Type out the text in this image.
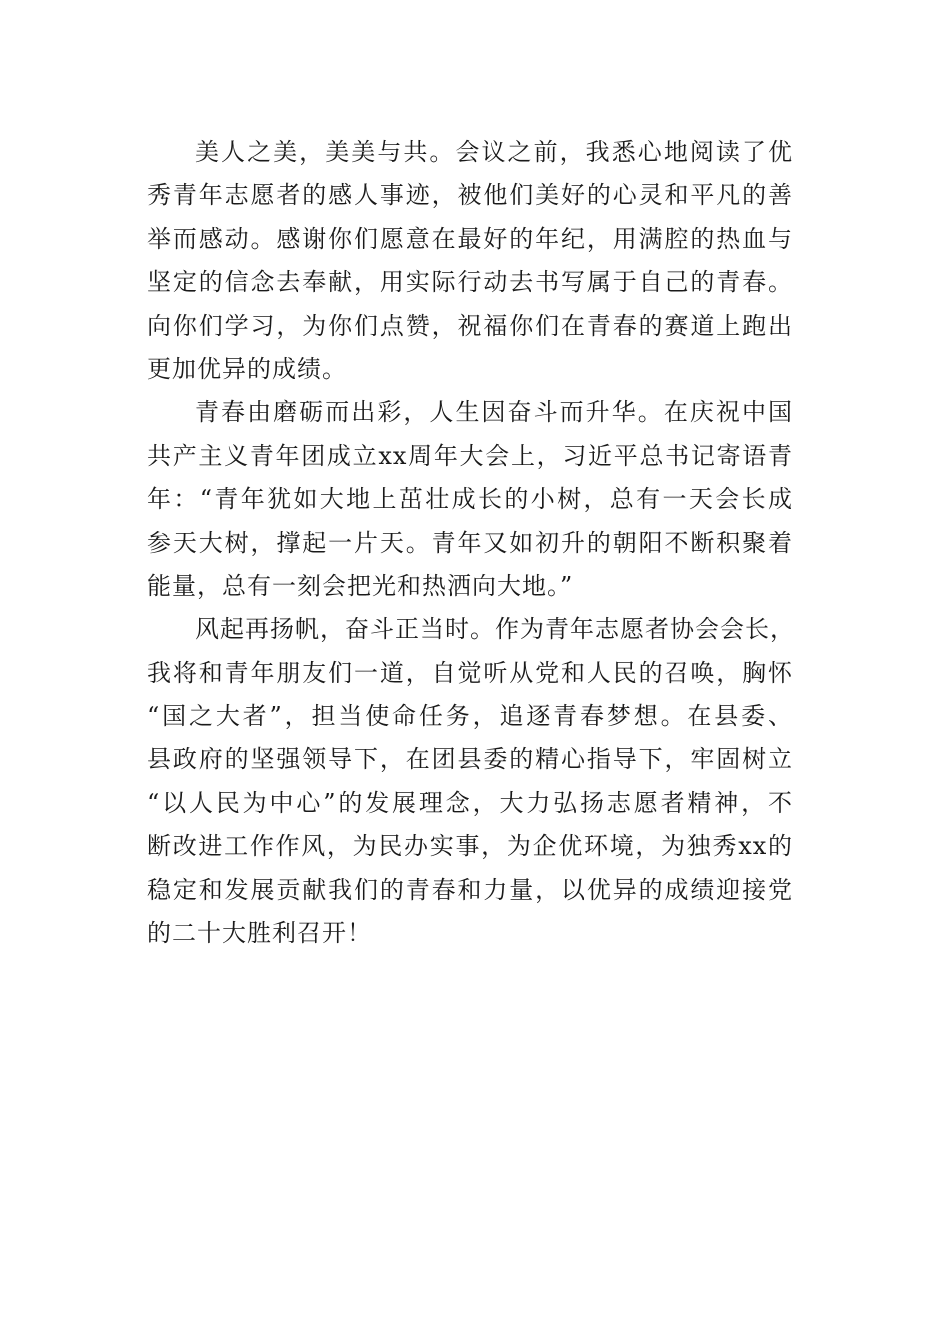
美人之美，美美与共。会议之前，我悉心地阅读了优
秀青年志愿者的感人事迹，被他们美好的心灵和平凡的善
举而感动。感谢你们愿意在最好的年纪，用满腔的热血与
坚定的信念去奉献，用实际行动去书写属于自己的青春。
向你们学习，为你们点赞，祝福你们在青春的赛道上跑出
更加优异的成绩。
青春由磨砺而出彩，人生因奋斗而升华。在庆祝中国
共产主义青年团成立xx周年大会上，习近平总书记寄语青
年：“青年犹如大地上茁壮成长的小树，总有一天会长成
参天大树，撑起一片天。青年又如初升的朝阳不断积聚着
能量，总有一刻会把光和热洒向大地。”
风起再扬帆，奋斗正当时。作为青年志愿者协会会长，
我将和青年朋友们一道，自觉听从党和人民的召唤，胸怀
“国之大者”，担当使命任务，追逐青春梦想。在县委、
县政府的坚强领导下，在团县委的精心指导下，牢固树立
“以人民为中心”的发展理念，大力弘扬志愿者精神，不
断改进工作作风，为民办实事，为企优环境，为独秀xx的
稳定和发展贡献我们的青春和力量，以优异的成绩迎接党
的二十大胜利召开！
